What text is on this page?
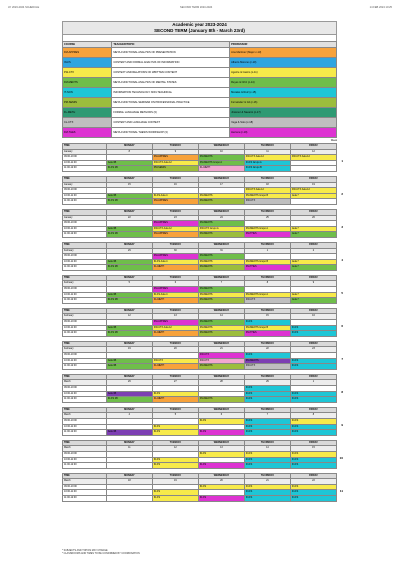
AY 2023-2024 SCHEDULE	SECOND TERM 2023-2024	14 FEB 2024 10:25
Academic year 2023-2024
SECOND TERM (January 8th - March 23rd)
COURSE	TEACHER/TOPIC	PROFESSOR
FM-APPRES	META-FUNCTIONAL ANALYSIS OF PRESENTATION	Ana Martínez (Major c-13)
IN-FS	CONTENT AND FORMAL ANALYSIS OF INFORMATION	Alberto Moreno (c-10)
FW-CTX	CONTEXT AND RELATIONS OF WRITTEN CONTENT	Aguirre & Castro (c-11)
FM-MENTS	META-FUNCTIONAL ANALYSIS OF MENTAL STATES	Reyes & Ortiz (c-14)
IT-NON	INFORMATION TECHNOLOGY NON-TECHNICAL	Morales & Ruiz (c-15)
PM-SEMIN	META-FUNCTIONAL SEMINAR ON PROFESSIONAL PRACTICE	Fernández & Gil (c-16)
FL-METH	FORMAL LANGUAGE METHODS (3)	Jiménez & Navarro (c-17)
CL-CTX	CONTENT AND LANGUAGE CONTEXT	Vega & Soto (c-18)
FM-THES	META-FUNCTIONAL THESIS WORKSHOP (3)	Herrera (c-19)
Week
1
TIME	MONDAY	TUESDAY	WEDNESDAY	THURSDAY	FRIDAY
January	8	9	10	11	12
09:00-10:00		FM-APPRES	FM-MENTS	FW-CTX Aula 12	FW-CTX Aula 12
10:00-11:00	Aula 3B	FW-CTX Aula 12	FM-MENTS Grupo A	IN-FS Grupo A	
11:00-12:00	IN-FS 2B	PM-SEMIN	FL-METH	IN-FS Grupo B	
2
TIME	MONDAY	TUESDAY	WEDNESDAY	THURSDAY	FRIDAY
January	15	16	17	18	19
09:00-10:00				FW-CTX Aula 12	FW-CTX Aula 12
10:00-11:00	Aula 3B	IN-FS Aula 4	FM-MENTS	FM-MENTS Grupo B	Aula 7
11:00-12:00	IN-FS 2B	FM-APPRES	FM-MENTS	FW-CTX	
3
TIME	MONDAY	TUESDAY	WEDNESDAY	THURSDAY	FRIDAY
January	22	23	24	25	26
09:00-10:00		FM-APPRES	FM-MENTS		
10:00-11:00	Aula 3B	FW-CTX Aula 12	FW-CTX Grupo A	FM-MENTS Grupo A	Aula 7
11:00-12:00	IN-FS 2B	FM-APPRES	FM-MENTS	FM-THES	Aula 7
4
TIME	MONDAY	TUESDAY	WEDNESDAY	THURSDAY	FRIDAY
February	29	30	31	1	2
09:00-10:00		FM-APPRES	FM-MENTS		
10:00-11:00	Aula 3B	IN-FS Aula 4	FM-MENTS	FM-MENTS Grupo B	Aula 7
11:00-12:00	IN-FS 2B	FL-METH	FM-MENTS	FM-THES	Aula 7
5
TIME	MONDAY	TUESDAY	WEDNESDAY	THURSDAY	FRIDAY
February	5	6	7	8	9
09:00-10:00		FM-APPRES	FM-MENTS		
10:00-11:00	Aula 3B	IN-FS Aula 4	FM-MENTS	FM-MENTS Grupo A	Aula 7
11:00-12:00	IN-FS 2B	FL-METH	FM-MENTS	FW-CTX	Aula 7
6
TIME	MONDAY	TUESDAY	WEDNESDAY	THURSDAY	FRIDAY
February	12	13	14	15	16
09:00-10:00		FM-APPRES	FM-MENTS	IN-FS	
10:00-11:00	Aula 3B	FW-CTX Aula 12	FM-MENTS	FM-MENTS Grupo B	IN-FS
11:00-12:00	IN-FS 2B	FL-METH	FM-MENTS	FM-THES	IN-FS
7
TIME	MONDAY	TUESDAY	WEDNESDAY	THURSDAY	FRIDAY
February	19	20	21	22	23
09:00-10:00			FW-CTX	IN-FS	
10:00-11:00	Aula 3B	FW-CTX	FW-CTX	FM-MENTS	IN-FS
11:00-12:00	Aula 3B	FL-METH	FM-MENTS	FW-CTX	IN-FS
8
TIME	MONDAY	TUESDAY	WEDNESDAY	THURSDAY	FRIDAY
March	26	27	28	29	1
09:00-10:00				IN-FS	
10:00-11:00	Aula 3B	IN-FS		IN-FS	IN-FS
11:00-12:00	IN-FS 2B	FL-METH	FM-MENTS	IN-FS	IN-FS
9
TIME	MONDAY	TUESDAY	WEDNESDAY	THURSDAY	FRIDAY
March	4	5	6	7	8
09:00-10:00			IN-FS	IN-FS	IN-FS
10:00-11:00		IN-FS		IN-FS	IN-FS
11:00-12:00	Aula 3B	IN-FS	IN-FS	IN-FS	IN-FS
10
TIME	MONDAY	TUESDAY	WEDNESDAY	THURSDAY	FRIDAY
March	11	12	13	14	15
09:00-10:00			IN-FS	IN-FS	IN-FS
10:00-11:00		IN-FS		IN-FS	IN-FS
11:00-12:00		IN-FS	IN-FS	IN-FS	IN-FS
11
TIME	MONDAY	TUESDAY	WEDNESDAY	THURSDAY	FRIDAY
March	18	19	20	21	22
09:00-10:00			IN-FS	IN-FS	IN-FS
10:00-11:00		IN-FS		IN-FS	IN-FS
11:00-12:00		IN-FS	IN-FS	IN-FS	IN-FS
* SUBJECTS AND TOPICS MAY CHANGE
* CLASSROOMS AND TIMES TO BE CONFIRMED BY COORDINATION
